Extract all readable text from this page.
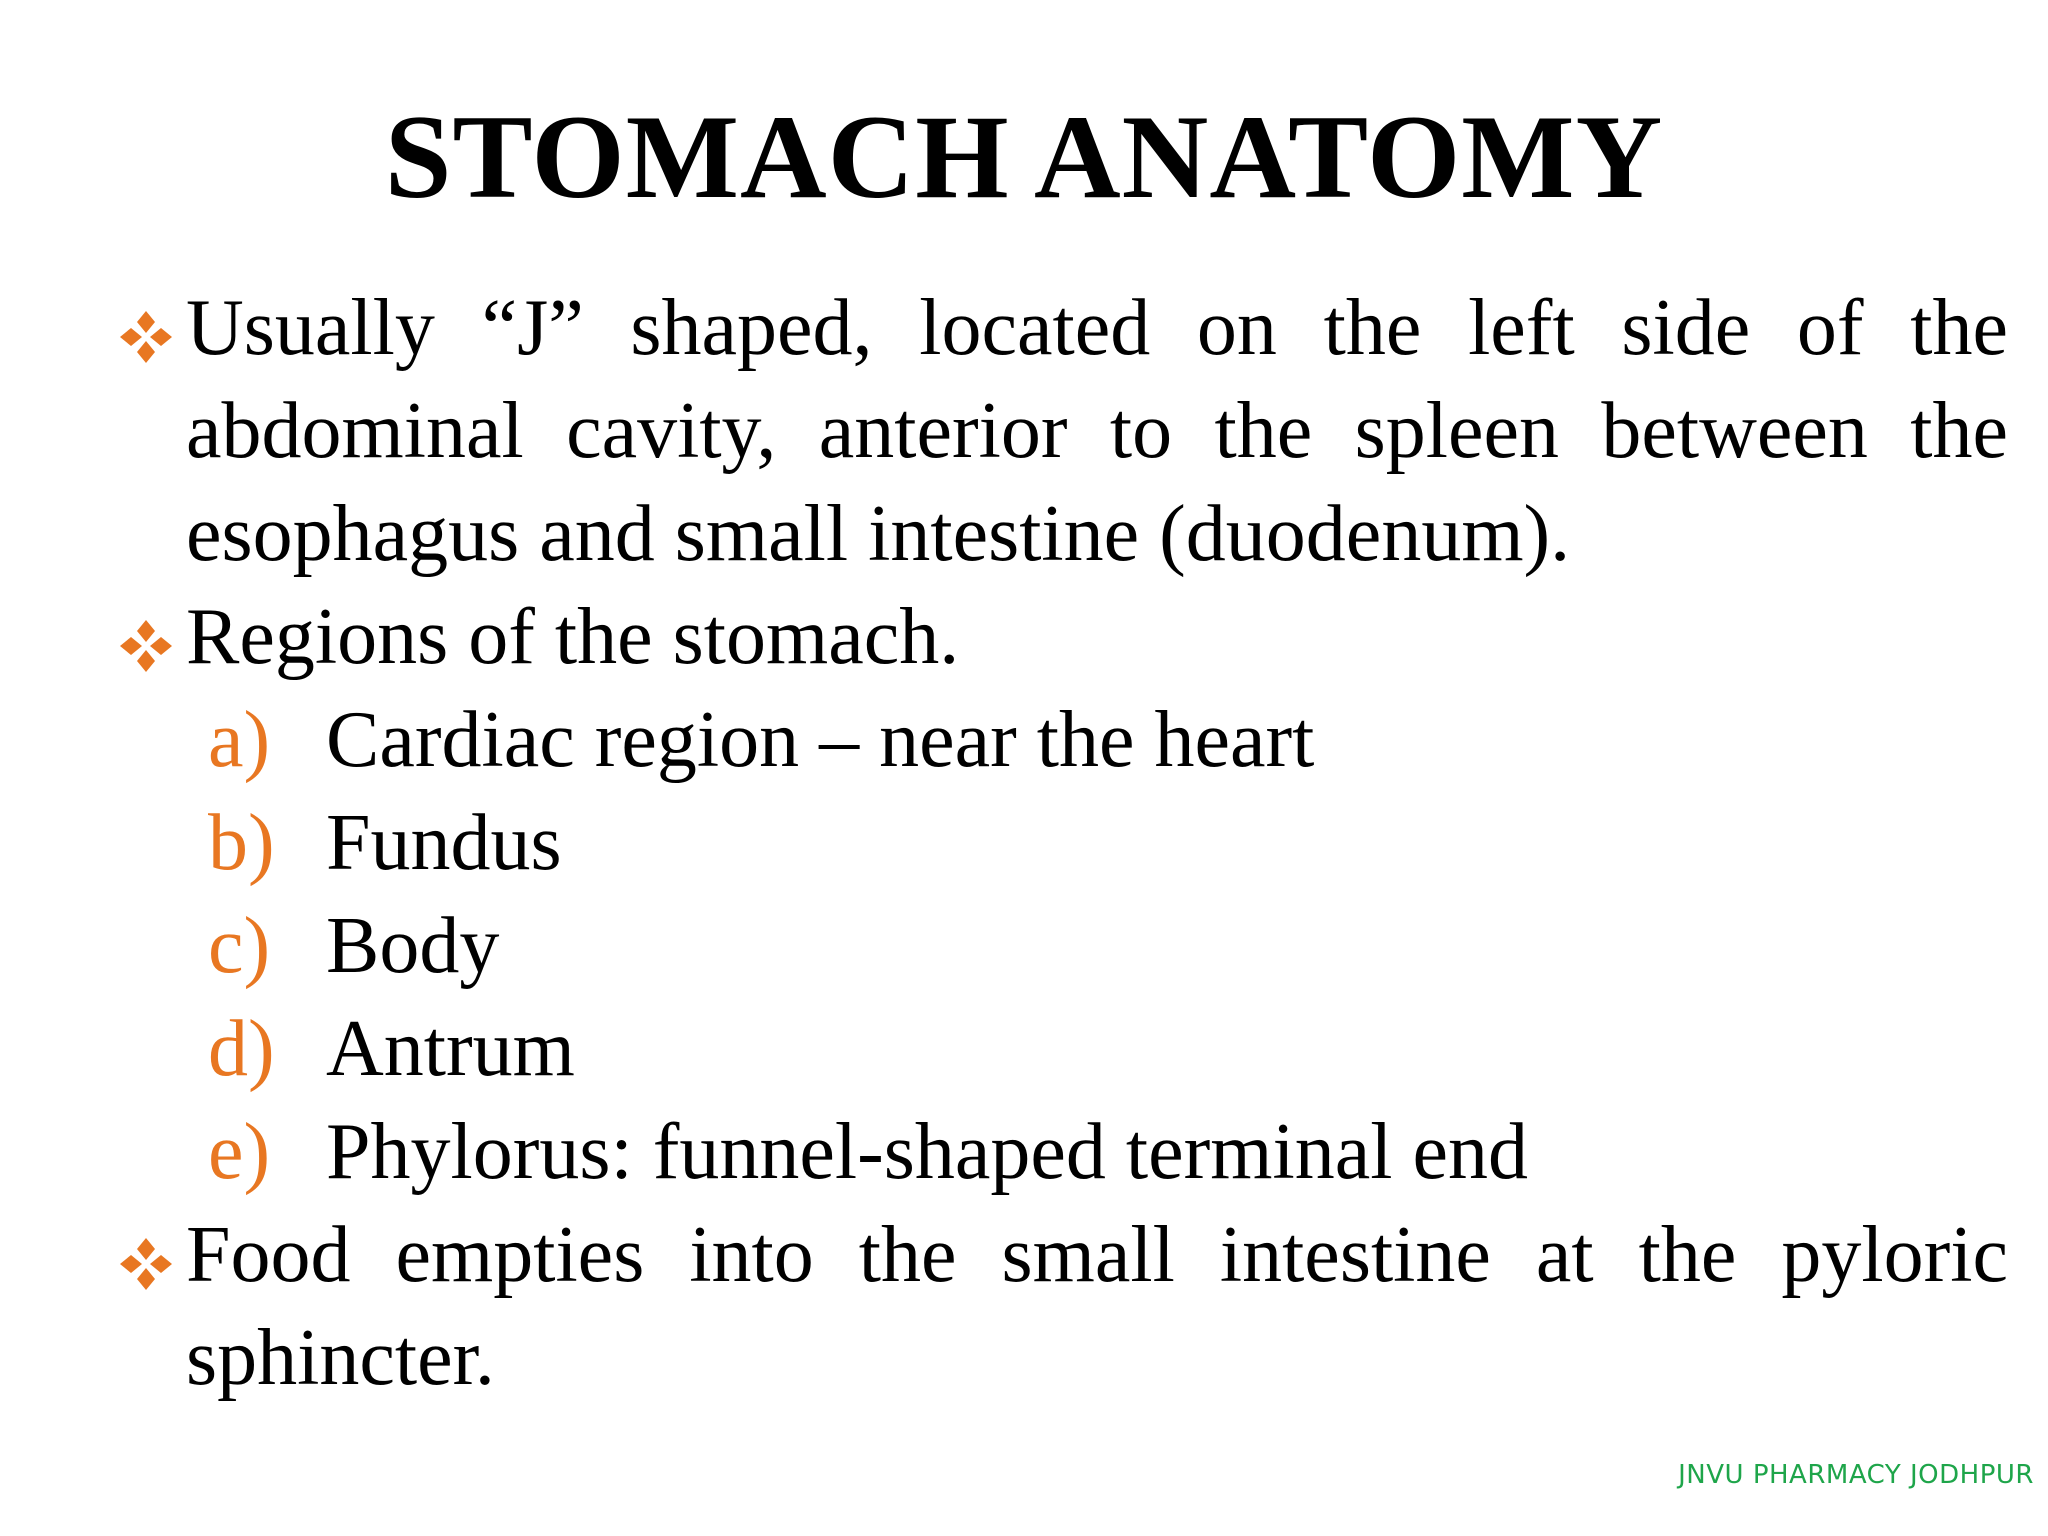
STOMACH ANATOMY
Usually “J” shaped, located on the left side of the abdominal cavity, anterior to the spleen between the esophagus and small intestine (duodenum).
Regions of the stomach.
a) Cardiac region – near the heart
b) Fundus
c) Body
d) Antrum
e) Phylorus: funnel-shaped terminal end
Food empties into the small intestine at the pyloric sphincter.
JNVU PHARMACY JODHPUR
